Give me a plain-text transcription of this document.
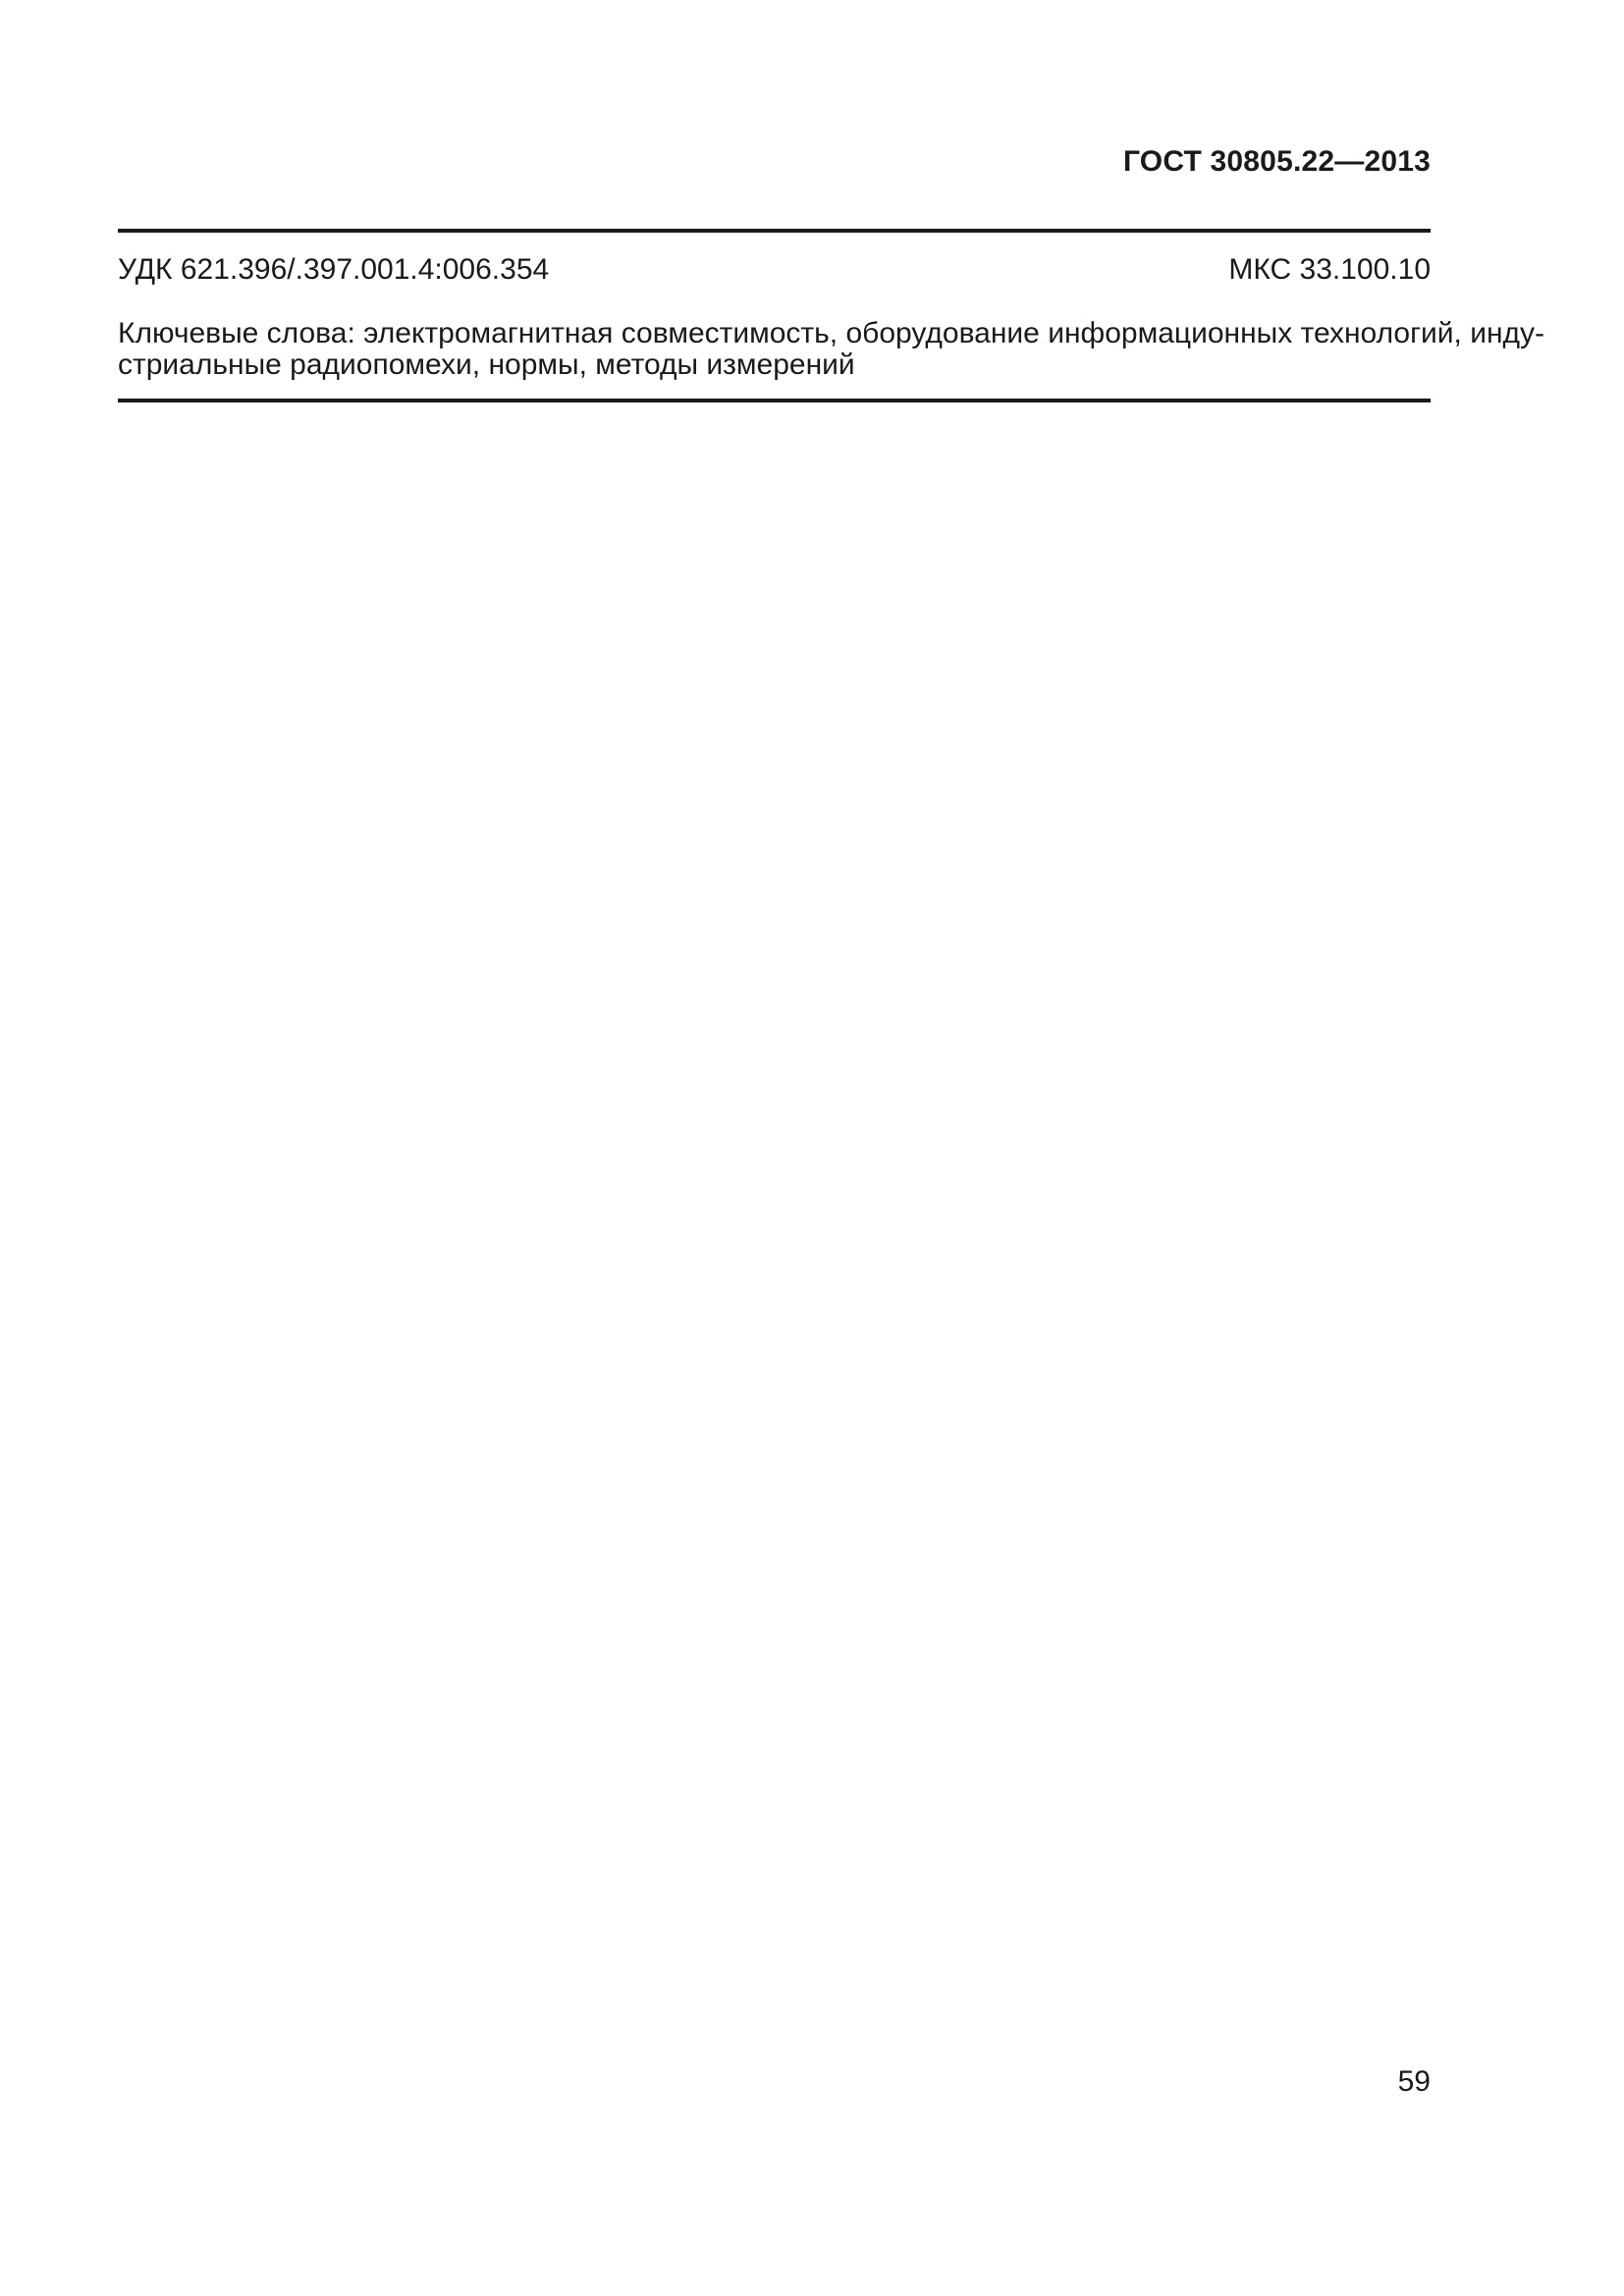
ГОСТ 30805.22—2013
УДК 621.396/.397.001.4:006.354	МКС 33.100.10
Ключевые слова: электромагнитная совместимость, оборудование информационных технологий, инду-
стриальные радиопомехи, нормы, методы измерений
59
